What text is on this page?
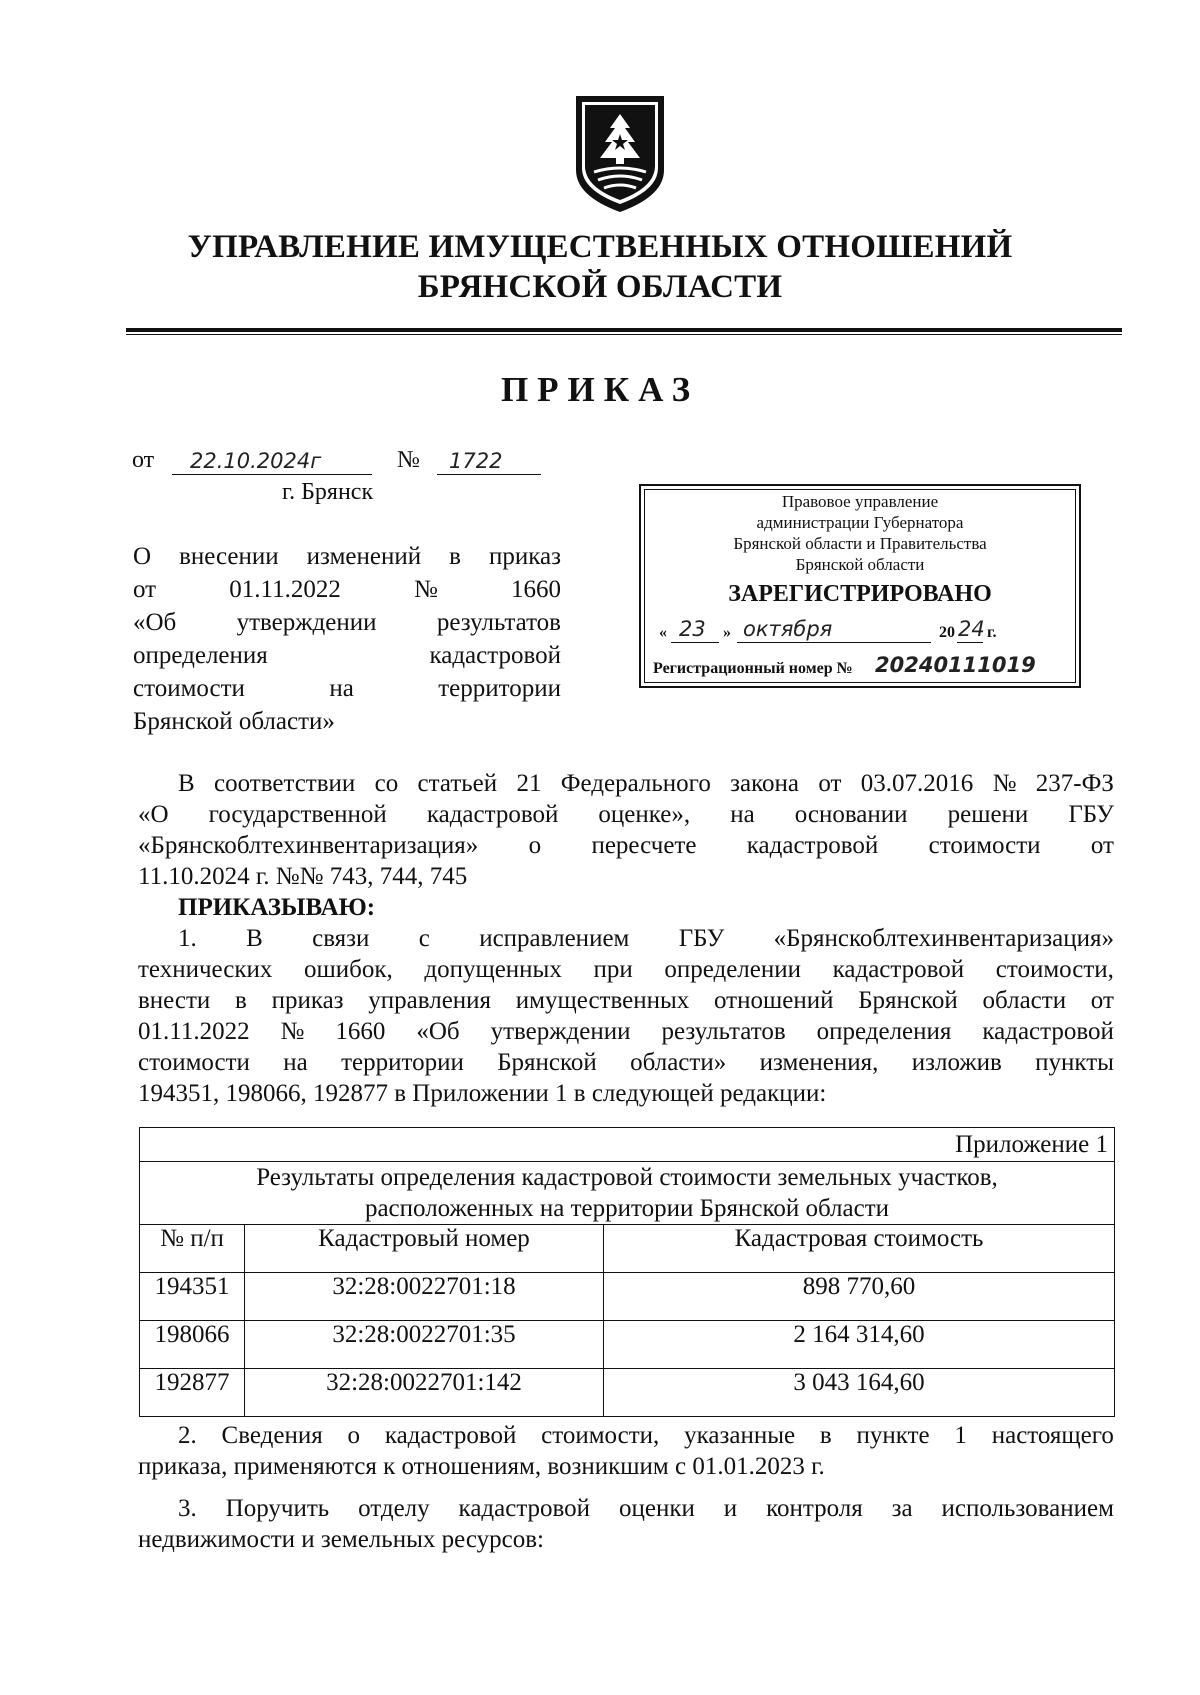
УПРАВЛЕНИЕ ИМУЩЕСТВЕННЫХ ОТНОШЕНИЙ
БРЯНСКОЙ ОБЛАСТИ
ПРИКАЗ
от 22.10.2024г	№ 1722
г. Брянск
О внесении изменений в приказ
от	01.11.2022	№	1660
«Об утверждении результатов
определения	кадастровой
стоимости	на	территории
Брянской области»
Правовое управление
администрации Губернатора
Брянской области и Правительства
Брянской области
ЗАРЕГИСТРИРОВАНО
« 23 » октября	20 24 г.
Регистрационный номер № 20240111019
В соответствии со статьей 21 Федерального закона от 03.07.2016 № 237-ФЗ
«О государственной кадастровой оценке», на основании решени ГБУ
«Брянскоблтехинвентаризация» о пересчете кадастровой стоимости от
11.10.2024 г. №№ 743, 744, 745
ПРИКАЗЫВАЮ:
1. В связи с исправлением ГБУ «Брянскоблтехинвентаризация»
технических ошибок, допущенных при определении кадастровой стоимости,
внести в приказ управления имущественных отношений Брянской области от
01.11.2022 № 1660 «Об утверждении результатов определения кадастровой
стоимости на территории Брянской области» изменения, изложив пункты
194351, 198066, 192877 в Приложении 1 в следующей редакции:
Приложение 1		

Результаты определения кадастровой стоимости земельных участков,
расположенных на территории Брянской области		

№ п/п	Кадастровый номер	Кадастровая стоимость
194351	32:28:0022701:18	898 770,60
198066	32:28:0022701:35	2 164 314,60
192877	32:28:0022701:142	3 043 164,60
2. Сведения о кадастровой стоимости, указанные в пункте 1 настоящего
приказа, применяются к отношениям, возникшим с 01.01.2023 г.
3. Поручить отделу кадастровой оценки и контроля за использованием
недвижимости и земельных ресурсов:
